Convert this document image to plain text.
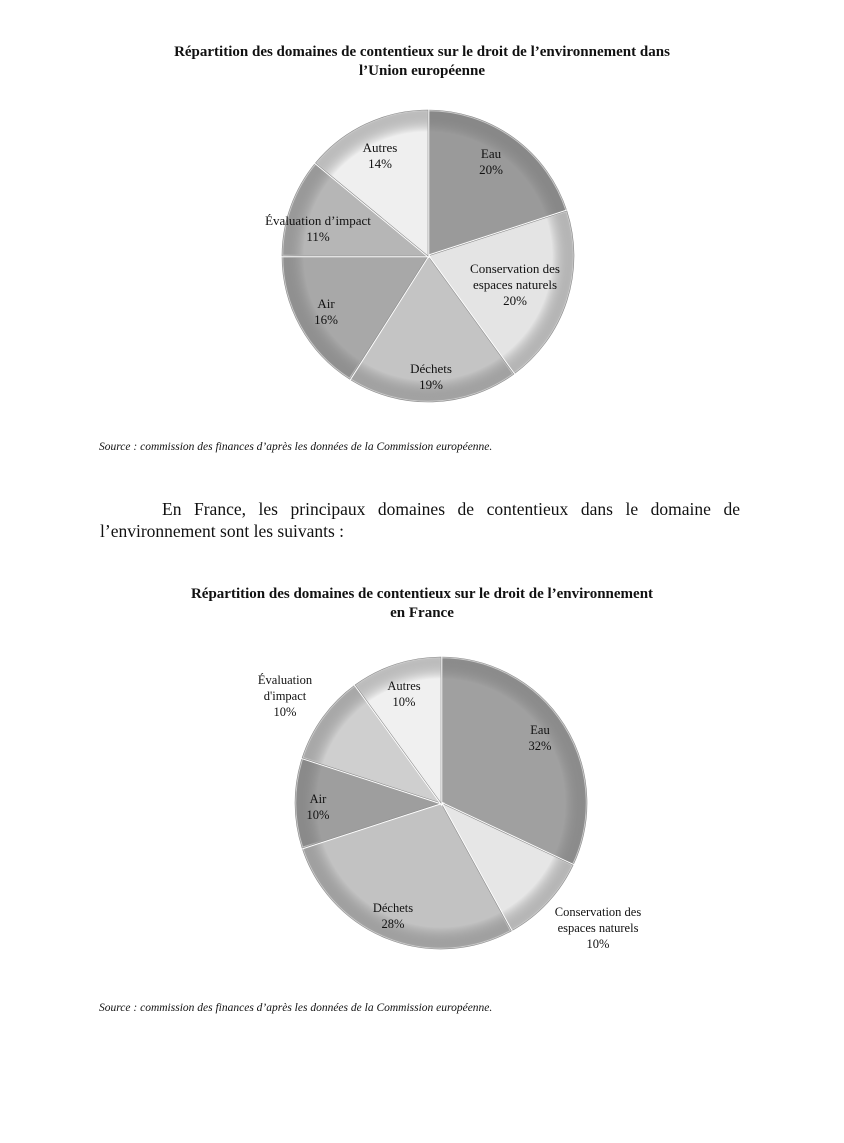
Répartition des domaines de contentieux sur le droit de l’environnement dans
l’Union européenne
Eau 20%
Conservation des espaces naturels 20%
Déchets 19%
Air 16%
Évaluation d’impact 11%
Autres 14%
Source : commission des finances d’après les données de la Commission européenne.
En France, les principaux domaines de contentieux dans le domaine de l’environnement sont les suivants :
Répartition des domaines de contentieux sur le droit de l’environnement
en France
Eau 32%
Conservation des espaces naturels 10%
Déchets 28%
Air 10%
Évaluation d'impact 10%
Autres 10%
Source : commission des finances d’après les données de la Commission européenne.
